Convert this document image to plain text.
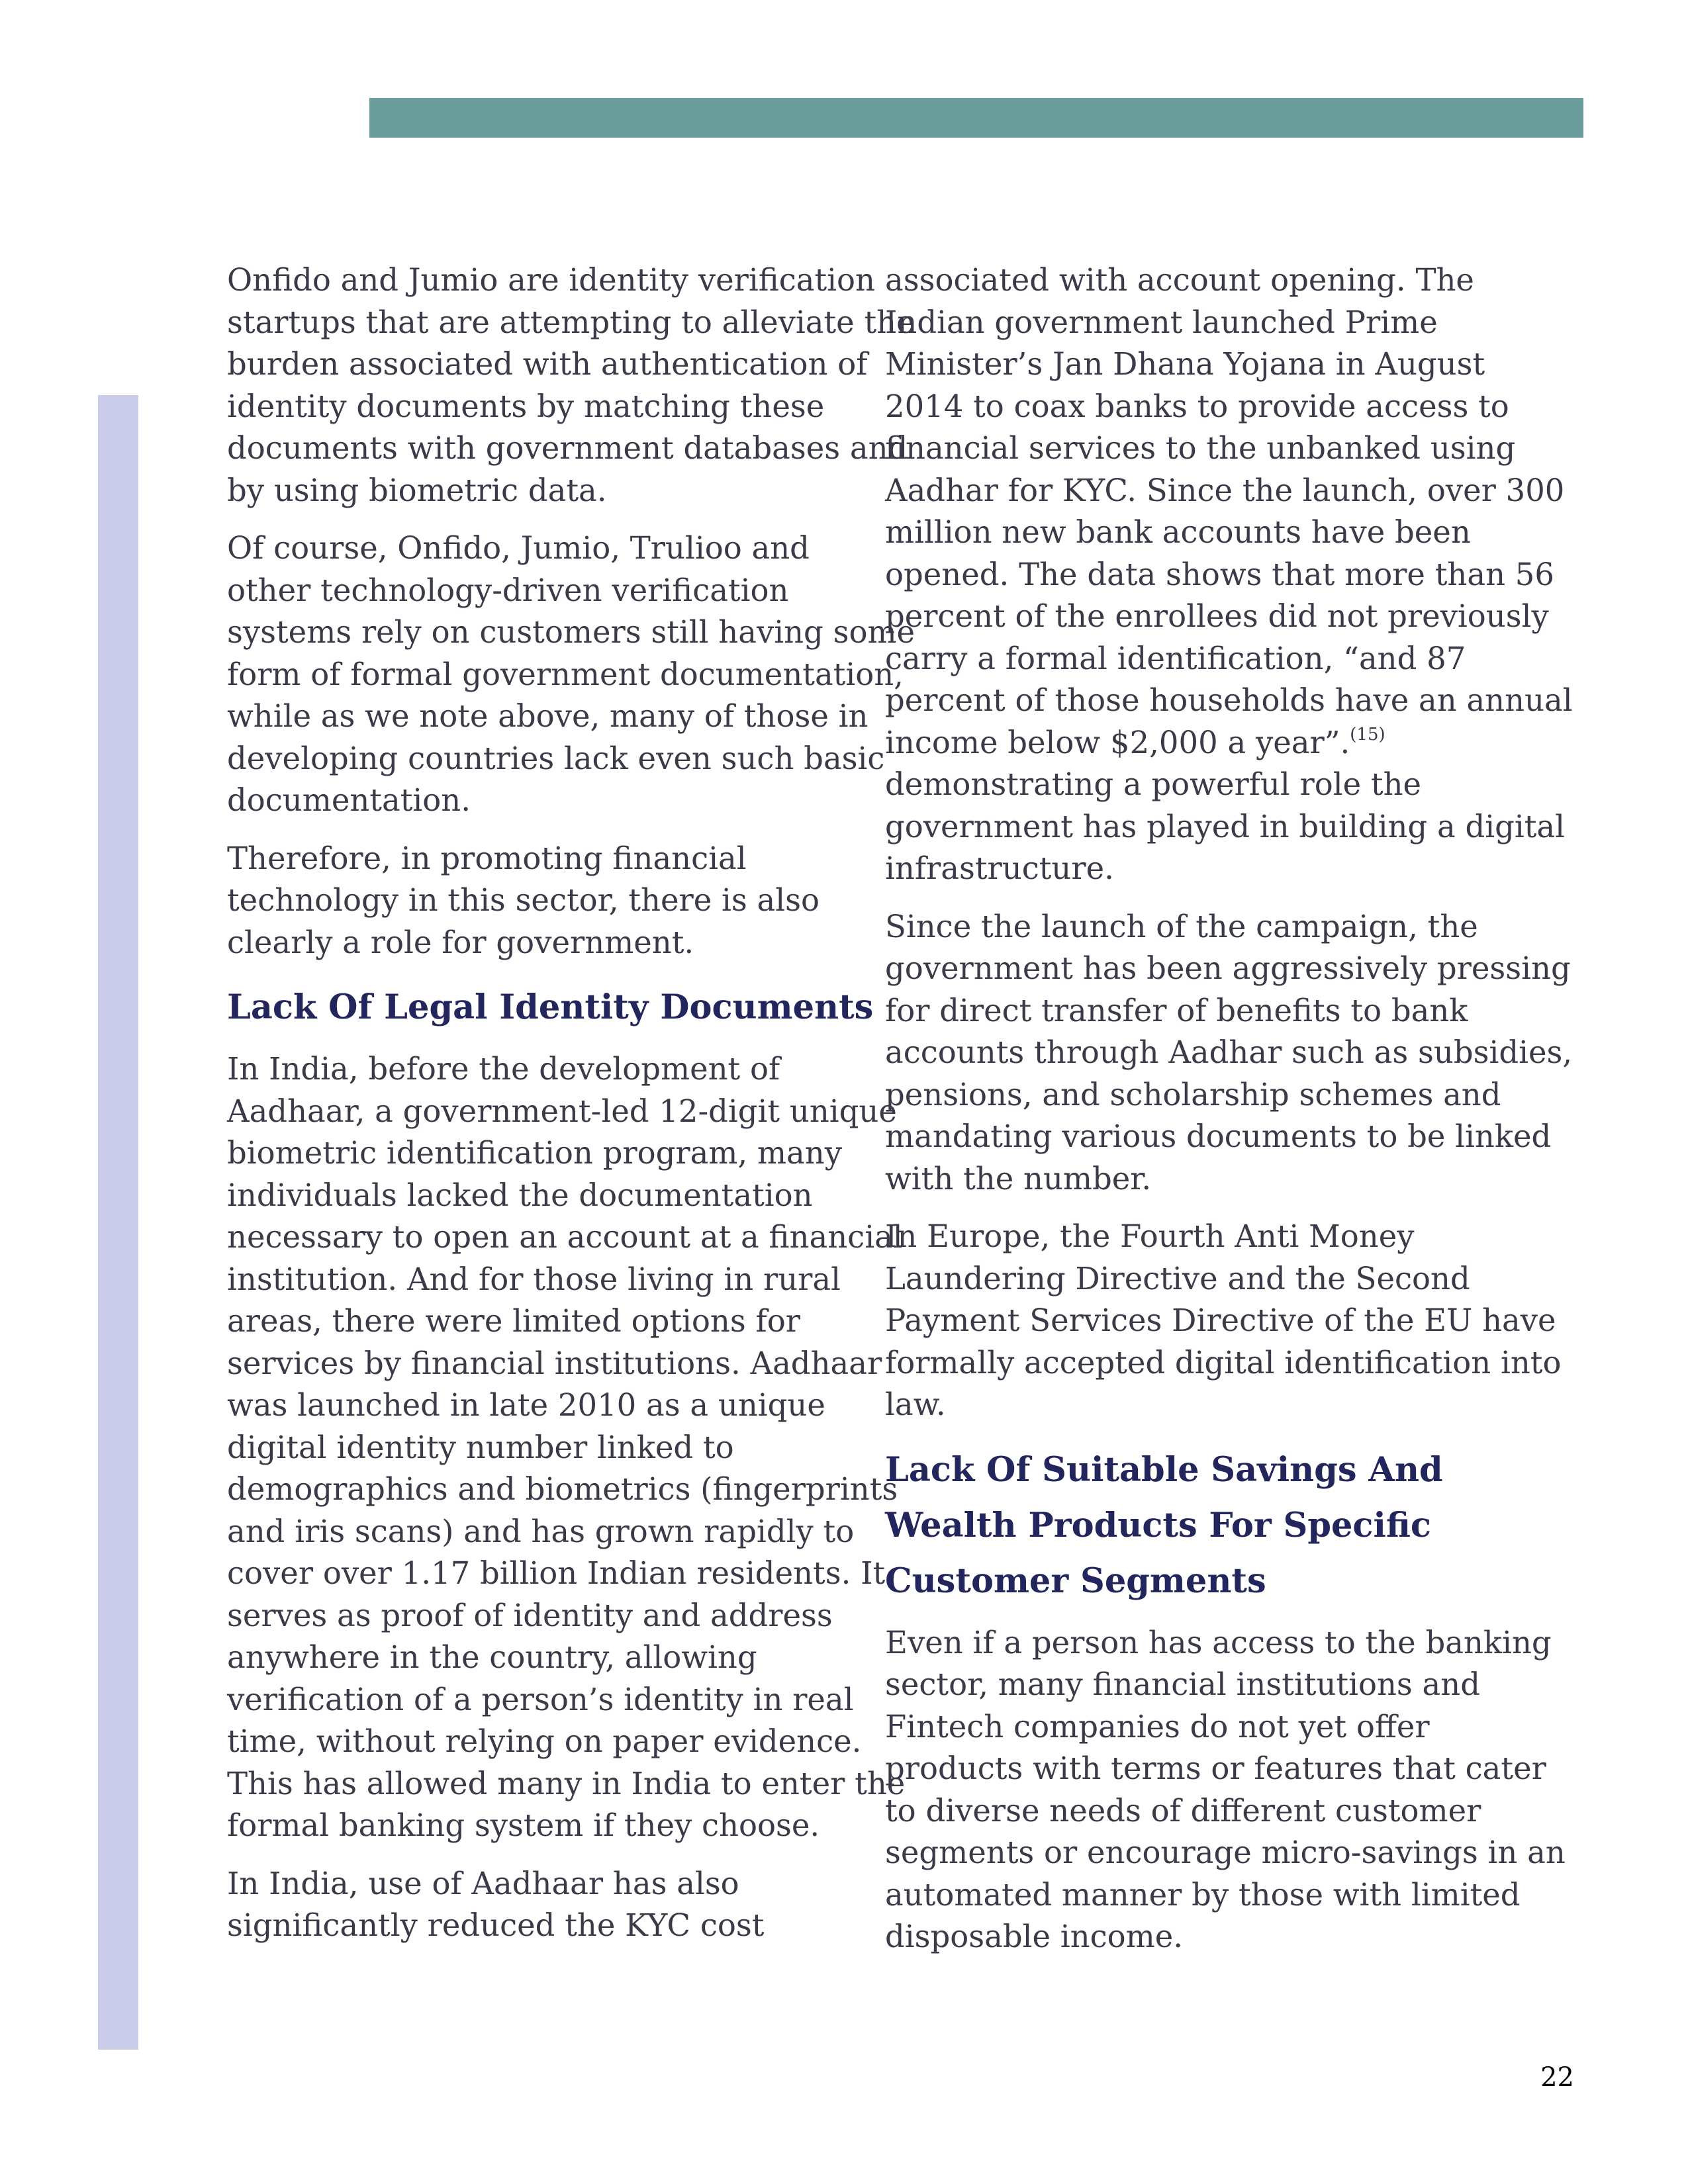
Onfido and Jumio are identity verification
startups that are attempting to alleviate the
burden associated with authentication of
identity documents by matching these
documents with government databases and
by using biometric data.

Of course, Onfido, Jumio, Trulioo and
other technology-driven verification
systems rely on customers still having some
form of formal government documentation,
while as we note above, many of those in
developing countries lack even such basic
documentation.

Therefore, in promoting financial
technology in this sector, there is also
clearly a role for government.

Lack Of Legal Identity Documents

In India, before the development of
Aadhaar, a government-led 12-digit unique
biometric identification program, many
individuals lacked the documentation
necessary to open an account at a financial
institution. And for those living in rural
areas, there were limited options for
services by financial institutions. Aadhaar
was launched in late 2010 as a unique
digital identity number linked to
demographics and biometrics (fingerprints
and iris scans) and has grown rapidly to
cover over 1.17 billion Indian residents. It
serves as proof of identity and address
anywhere in the country, allowing
verification of a person’s identity in real
time, without relying on paper evidence.
This has allowed many in India to enter the
formal banking system if they choose.

In India, use of Aadhaar has also
significantly reduced the KYC cost

associated with account opening. The
Indian government launched Prime
Minister’s Jan Dhana Yojana in August
2014 to coax banks to provide access to
financial services to the unbanked using
Aadhar for KYC. Since the launch, over 300
million new bank accounts have been
opened. The data shows that more than 56
percent of the enrollees did not previously
carry a formal identification, “and 87
percent of those households have an annual
income below $2,000 a year”.$^{(15)}$
demonstrating a powerful role the
government has played in building a digital
infrastructure.

Since the launch of the campaign, the
government has been aggressively pressing
for direct transfer of benefits to bank
accounts through Aadhar such as subsidies,
pensions, and scholarship schemes and
mandating various documents to be linked
with the number.

In Europe, the Fourth Anti Money
Laundering Directive and the Second
Payment Services Directive of the EU have
formally accepted digital identification into
law.

Lack Of Suitable Savings And
Wealth Products For Specific
Customer Segments

Even if a person has access to the banking
sector, many financial institutions and
Fintech companies do not yet offer
products with terms or features that cater
to diverse needs of different customer
segments or encourage micro-savings in an
automated manner by those with limited
disposable income.

22
